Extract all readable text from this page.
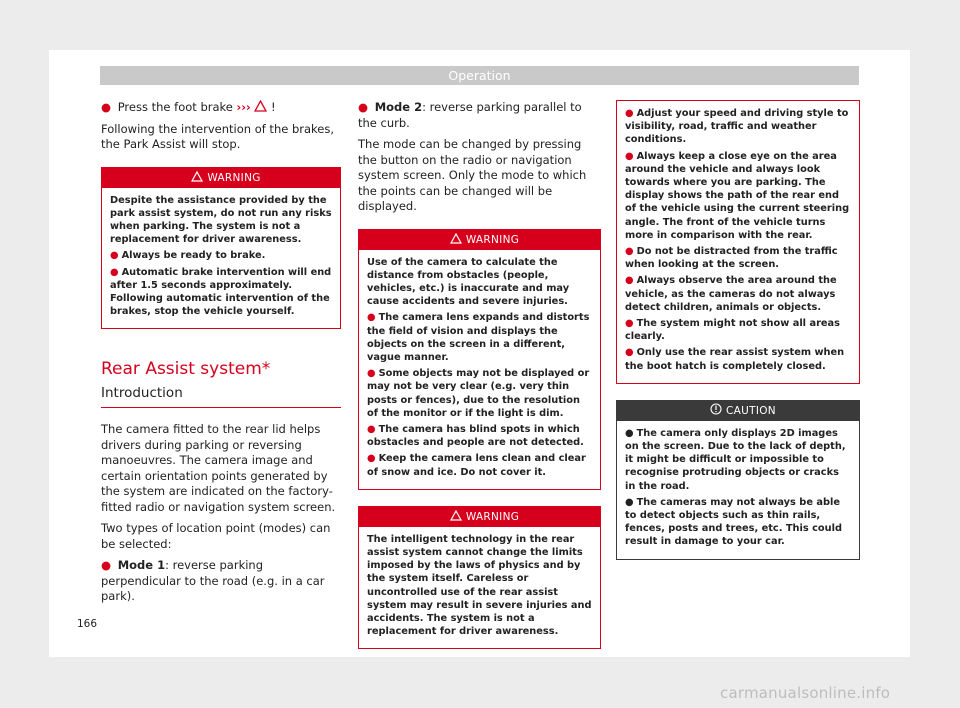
Operation

● Press the foot brake ›››  !

Following the intervention of the brakes, the Park Assist will stop.

WARNING
Despite the assistance provided by the park assist system, do not run any risks when parking. The system is not a replacement for driver awareness.
● Always be ready to brake.
● Automatic brake intervention will end after 1.5 seconds approximately. Following automatic intervention of the brakes, stop the vehicle yourself.
Rear Assist system*
Introduction

The camera fitted to the rear lid helps drivers during parking or reversing manoeuvres. The camera image and certain orientation points generated by the system are indicated on the factory-fitted radio or navigation system screen.

Two types of location point (modes) can be selected:

● Mode 1: reverse parking perpendicular to the road (e.g. in a car park).

● Mode 2: reverse parking parallel to the curb.

The mode can be changed by pressing the button on the radio or navigation system screen. Only the mode to which the points can be changed will be displayed.

WARNING
Use of the camera to calculate the distance from obstacles (people, vehicles, etc.) is inaccurate and may cause accidents and severe injuries.
● The camera lens expands and distorts the field of vision and displays the objects on the screen in a different, vague manner.
● Some objects may not be displayed or may not be very clear (e.g. very thin posts or fences), due to the resolution of the monitor or if the light is dim.
● The camera has blind spots in which obstacles and people are not detected.
● Keep the camera lens clean and clear of snow and ice. Do not cover it.
WARNING
The intelligent technology in the rear assist system cannot change the limits imposed by the laws of physics and by the system itself. Careless or uncontrolled use of the rear assist system may result in severe injuries and accidents. The system is not a replacement for driver awareness.
● Adjust your speed and driving style to visibility, road, traffic and weather conditions.
● Always keep a close eye on the area around the vehicle and always look towards where you are parking. The display shows the path of the rear end of the vehicle using the current steering angle. The front of the vehicle turns more in comparison with the rear.
● Do not be distracted from the traffic when looking at the screen.
● Always observe the area around the vehicle, as the cameras do not always detect children, animals or objects.
● The system might not show all areas clearly.
● Only use the rear assist system when the boot hatch is completely closed.
CAUTION
● The camera only displays 2D images on the screen. Due to the lack of depth, it might be difficult or impossible to recognise protruding objects or cracks in the road.
● The cameras may not always be able to detect objects such as thin rails, fences, posts and trees, etc. This could result in damage to your car.
166
carmanualsonline.info
